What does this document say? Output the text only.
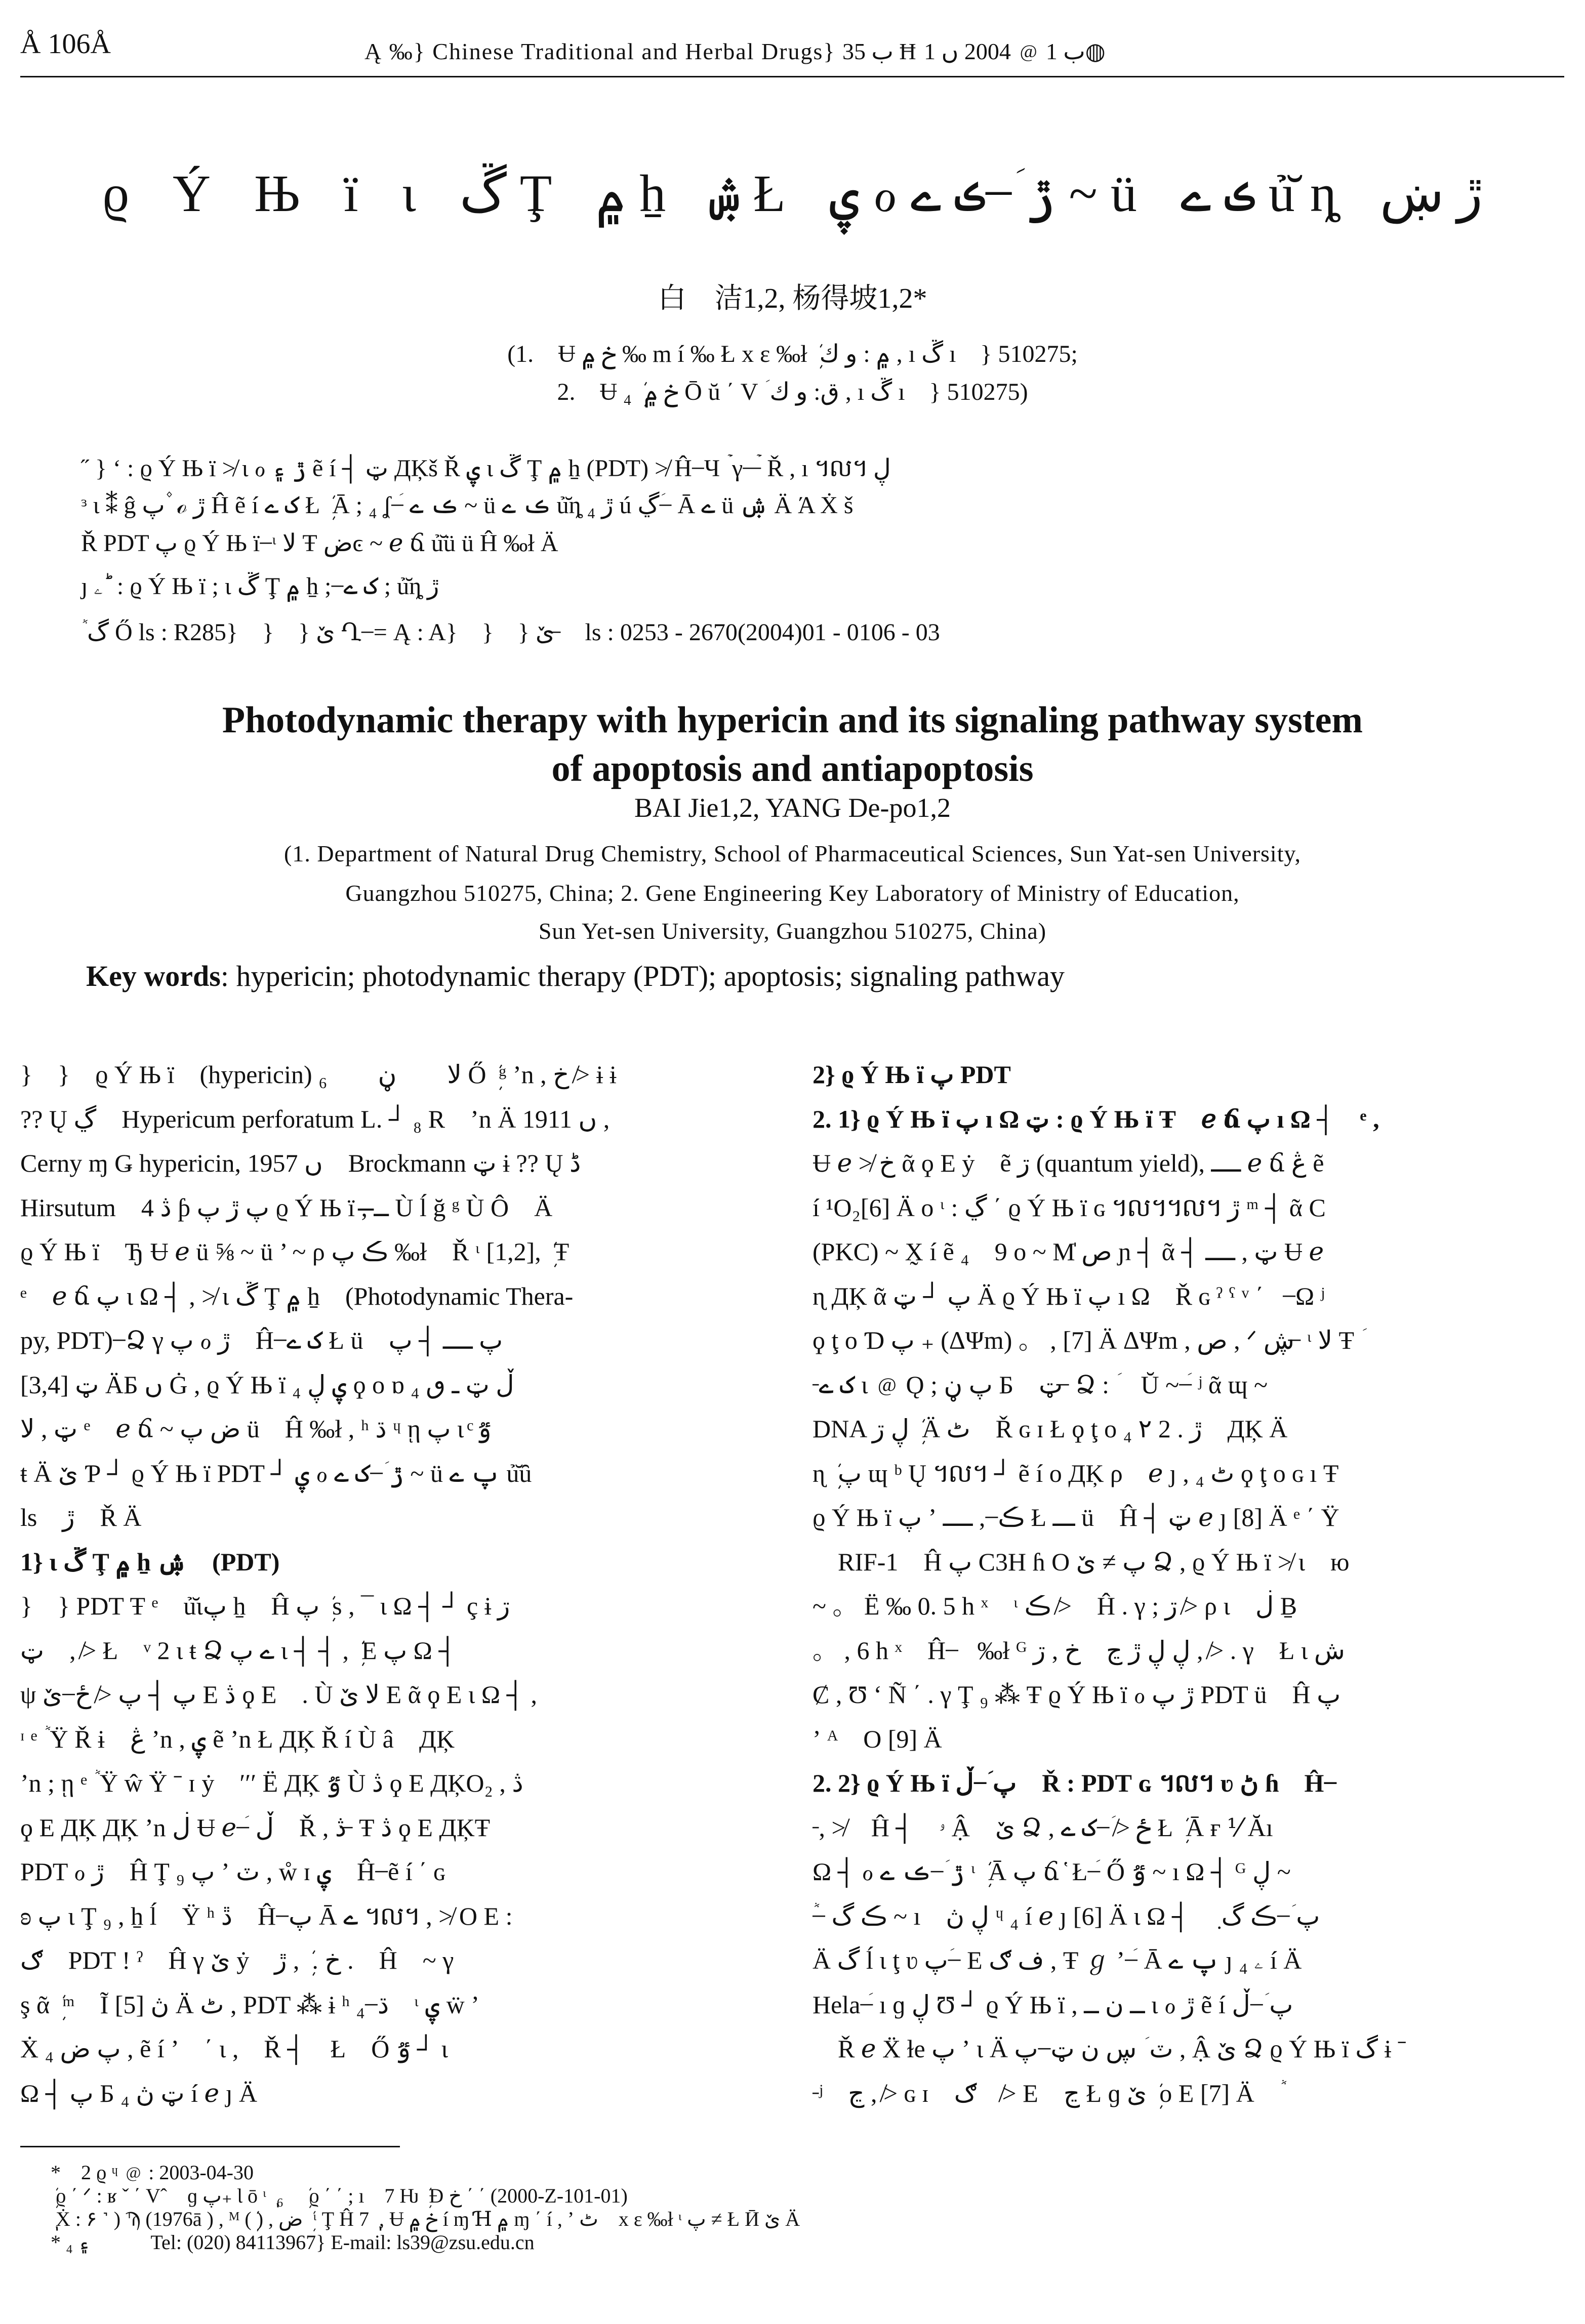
Å 106Å	Ą ‰} Chinese Traditional and Herbal Drugs} ب 35 Ħ ب 1 ﹫ 2004 ں 1◍
ϱ Ý Њ ï ι ڱ Ţ ۾ ẖ ۺ Ł ۑ ℴ ڙ ؘ ̶ ڪ ے ~ ü ڪ ے ủ̆ȵ ڙ ښ
白　洁1,2, 杨得坡1,2*
(1.　Ʉ خ ۾ ‰ m í ‰ Ł x ε ‰ł ܲ ۾ : و ك , ı ڱ ı　} 510275;
2.　Ʉ خ ۾ ܲ ₄ Ō ŭ ΄ V ؘ ق: و ك , ı ڱ ı　} 510275)
˝ } ʻ : ϱ Ý Њ ï ≯ ι ℴ ڙ ۽ ẽ í ┤ ټ ДĶš Ř ۑ ι ڱ Ţ ۾ ẖ (PDT) ≯ Ĥ ̶ Ч ۡ γ ̶ ۡ ̶ Ř , ı ៘ ڸ
ᵌ ι ⁑ ĝ پ ۫ ℴ ڙ Ĥ ẽ í ک ے Ł ܲ Ā ; ₄ ʆ ؘ ̶ ڪ ے ~ ü ڪ ے ủ̆ȵ ڙ ₄ ú ڲ ؘ ̶ Ā ے ü ۺ Ä Ά Ẋ š
Ř PDT پ ϱ Ý Њ ï ̶ ᶥ ﻻ Ŧ ضͼ ~ ℯ ճ ủ̆ü ü Ĥ ‰ł Ä
ȷ ۦ ؕ : ϱ Ý Њ ï ; ι ڱ Ţ ۾ ẖ ; ̶ ک ے ; ủ̆ȵ ڙ
ٞ گ Ő ls : R285}　}　} ێ Ղ ̶ = Ą : A}　}　} ێ　̶ ls : 0253 - 2670(2004)01 - 0106 - 03
Photodynamic therapy with hypericin and its signaling pathway system
of apoptosis and antiapoptosis
BAI Jie1,2, YANG De-po1,2
(1. Department of Natural Drug Chemistry, School of Pharmaceutical Sciences, Sun Yat-sen University,
Guangzhou 510275, China; 2. Gene Engineering Key Laboratory of Ministry of Education,
Sun Yet-sen University, Guangzhou 510275, China)
Key words: hypericin; photodynamic therapy (PDT); apoptosis; signaling pathway

}　}　ϱ Ý Њ ï　(hypericin) ﻻ　　ڼ　　₆ Ő ܲ ᵍ ʼn , خ ≯ ɨ ɨ

?? Ų ڲ　Hypericum perforatum L. ┘ ₈ R　ʼn Ä 1911 ں ,

Cerny ɱ Ǥ hypericin, 1957 ں　Brockmann ټ ɨ ?? Ų ڈ

Hirsutum　4 ڎ ƥ پ ڙ پ ϱ Ý Њ ï , ــ̶ Ù ĺ ğ ᵍ Ù Ô　Ä

ϱ Ý Њ ï　Ђ Ʉ ℯ ü ⅝ ~ ü ’ ~ ρ ڪ پ ‰ł　Ř ᶥ [1,2], ܲ Ŧ

ᵉ　ℯ ճ پ ι Ω ┤ , ≯ ι ڱ Ţ ۾ ẖ　(Photodynamic Thera-

py, PDT) ̶ Ձ γ پ ℴ ڙ　Ĥ ̶ ک ے Ł ü　پ ــــ ┤ پ

ټ [3,4] ÄБ ں Ġ , ϱ Ý Њ ï ₄ ۑ ڸ ϙ ο ɒ ₄ ڵ ټ ـ ٯ

ټ , ﻻ ᵉ　ℯ ճ ~ ض پ ü　Ĥ ‰ł , ʰ ڌ ᶣ ῃ پ ι ͨ ٷ

ŧ Ä ێ Ƥ ┘ ϱ Ý Њ ï PDT ┘ ۑ ℴ ڙ ؘ ̶ ک ے ~ ü پ ے ủ̆ȗ

ls　ڙ　Ř Ä

1} ι ڱ Ţ ۾ ẖ ۺ　(PDT)

}　} PDT Ŧ ᵉ　ủ̆ιپ ẖ　Ĥ پ ܲ s , ¯ ι Ω ┤ ┘ ç ɨ ڗ

ټ　, ≯ Ł　ᵛ 2 ι ŧ Ձ ے پ ι ┤ ┤ , ܲ E پ Ω ┤

ψ پ ┤ پ ≯ ځ ̶ ێ E ڎ ϙ E　. Ù ﻻ ێ E ᾶ ϙ E ι Ω ┤ ,

ᶦ ᵉ ٞ Ÿ Ř ɨ　ڠ ʼn , ۑ ẽ ʼn Ł ДĶ Ř í Ù â　ДĶ

ʼn ; ῃ ᵉ ٞ Ÿ ŵ Ÿ ˉ ɪ ẏ　ʹʹʹ Ë ДĶ ٷ Ù ڎ ϙ E ДĶO₂ , ڎ

ϙ E ДĶ ДĶ ʼn ڶ Ʉ ℯ ؘ ̶ ڵ　Ř , ڎ ̶ Ŧ ڎ ϙ E ДĶŦ

PDT ℴ ڙ　Ĥ Ţ ₉ پ ʼ ٽ , ẘ ɪ ۑ　Ĥ ̶ ẽ í ΄ ɢ

ʚ پ ι Ţ ₉ , ẖ ĺ　Ÿ ʰ ڐ　Ĥ ̶ پ Ā ے ៘ , ≯ O E :

ګ　PDT ! ˀ　Ĥ γ ێ ẏ　خ . ܲ , ڙ .　Ĥ　~ γ

ş ᾶ ܲ ᵐ　Ĩ ڽ [5] Ä ٹ , PDT ⁂ ɨ ʰ ڌ ̶ ₄　ᶥ ۑ ẅ ʼ

Ẋ ₄ پ ض , ẽ í ʼ　΄ ι ,　Ř ┤　Ł　Ő ٷ ┘ ι

Ω ┤ پ Б ټ ڽ ₄ í ℯ ȷ Ä

2} ϱ Ý Њ ï پ PDT

2. 1} ϱ Ý Њ ï پ ı Ω ټ : ϱ Ý Њ ï Ŧ　ℯ ճ پ ı Ω ┤　ᵉ ,

Ʉ ℯ ≯ خ ᾶ ϙ E ẏ　ẽ ڗ (quantum yield), ــــ ℯ ճ ڠ ẽ

í ¹O₂[6] Ä ο ᶥ : ڲ ΄ ϱ Ý Њ ï ɢ ៘៘ ڙ ᵐ ┤ ᾶ C

(PKC) ~ X̰ í ẽ ₄　9 ο ~ M̍ ص ɲ ┤ ᾶ ┤ ټ , ــــ Ʉ ℯ

ɳ ДĶ ᾶ پ ┘ ټ Ä ϱ Ý Њ ï پ ı Ω　Ř ɢ ˀ ˤ ᵛ ΄　̶ Ω ʲ

ϙ ţ ο Ɗ پ ₊ (ΔΨm) 。 , [7] Ä ΔΨm , ص , ᐟ ڜ ̶ ᶥ ﻻ Ŧ ؘ

̶ ک ے ι ﹫ Ǫ ; پ ڼ Б　ټ ̶ Ձ : ؘ　Ŭ ~ ؘ ̶ ʲ ᾶ ɰ ~

DNA ڸ ڗ ܲ Ä ٹ　Ř ɢ ɪ Ł ϙ ţ ο ₄ ٢ 2 . ڙ　ДĶ Ä

ɳ ܲ پ ɰ ᵇ Ų ៘ ┘ ẽ í ο ДĶ ρ　ℯ ȷ , ₄ ٹ ϙ ţ ο ɢ ı Ŧ

ϱ Ý Њ ï پ ʼ ڪ ̶ , ــــ Ł ـــ ü　Ĥ ┤ ټ ℯ ȷ [8] Ä ᵉ ΄ Ÿ

　RIF-1　Ĥ پ C3H ɦ Ο پ ≠ ێ Ձ , ϱ Ý Њ ï ≯ ι　ю

~ 。 Ë ‰ 0. 5 h ˣ　ᶥ ڪ ≯　Ĥ . γ ; ڗ ≯ ρ ι　ڶ Ḇ

。 , 6 h ˣ　Ĥ ̶　‰ł ᴳ ڸ ڸ ڙ ڃ　خ , ڗ , ≯ . γ　Ł ι ش

Ȼ , Ʊ ʻ Ñ ΄ . γ Ţ ₉ ⁂ Ŧ ϱ Ý Њ ï ℴ ڙ پ PDT ü　Ĥ پ

ʼ ᴬ　Ο [9] Ä

2. 2} ϱ Ý Њ ï پ ؘ ̶ ڵ　Ř : PDT ɢ ៘ ʋ ڻ ɦ　Ĥ ̶

̶ , ≯　Ĥ ┤　ۥ Ậ　ێ Ձ , ځ ≯ ؘ ̶ ک ے Ł ܲ Ā ғ ⅟ Ăı

Ω ┤ ℴ ڙ ؘ ̶ ڪ ے ᶥ ܲ Ā پ ճ ̔ Ł ؘ ̶ Ő ٷ ~ ı Ω ┤ ᴳ ڸ ~

ٞ ؘ ̶ ڪ گ ~ ı　ڸ ڽ ᶣ ₄ í ℯ ȷ [6] Ä ι Ω ┤　ٜ پ ؘ ̶ ڪ گ

Ä گ ĺ ι ţ ʋ پ ؘ ̶ E ف ګ , Ŧ ℊ ʼ ؘ ̶ Ā پ ے ȷ ۦ ₄ í Ä

Hela ؘ ̶ ı ɡ ڸ Ʊ ┘ ϱ Ý Њ ï , ــ ن ــ ι ℴ ڙ ẽ í پ ؘ ̶ ڵ

　Ř ℯ Ẍ ɫe پ ʼ ι Ä ٽ ؘ ڛ ن ټ ̶ پ , Ậ ێ Ձ ϱ Ý Њ ï گ ɨ ˉ

̶ ʲ　ڃ , ≯ ɢ ɪ　ګ　≯ E　ڃ Ł ɡ ێ ܲ ο E [7] Ä　ٞ ؘ

*　2 ϱ ᶣ ﹫ : 2003-04-30

ܲ ϱ ΄ ᐟ : ʁ ˇ ΄ Vˆ　ɡ پ₊ Ɩ ō ᶥ ٖ ₆　ܲ ϱ ΄ ΄ ; ı　7 Ƕ ܲ Ɖ خ ΄ ΄ (2000-Z-101-01)

ٖ Ẋ : ۶ ˺ ) Ϡ (1976ā ) , ᴹ (ܲ ) , ض ܲ ᶥ Ţ Ĥ 7 ٖ , Ʉ خ ۾ í ɱ Ɦ ۾ ɱ ΄ í , ʼ ٹ　x ε ‰ł ᶥ پ ≠ Ł Ӣ ێ Ä

* ₄ ۽　　　Tel: (020) 84113967} E-mail: ls39@zsu.edu.cn
